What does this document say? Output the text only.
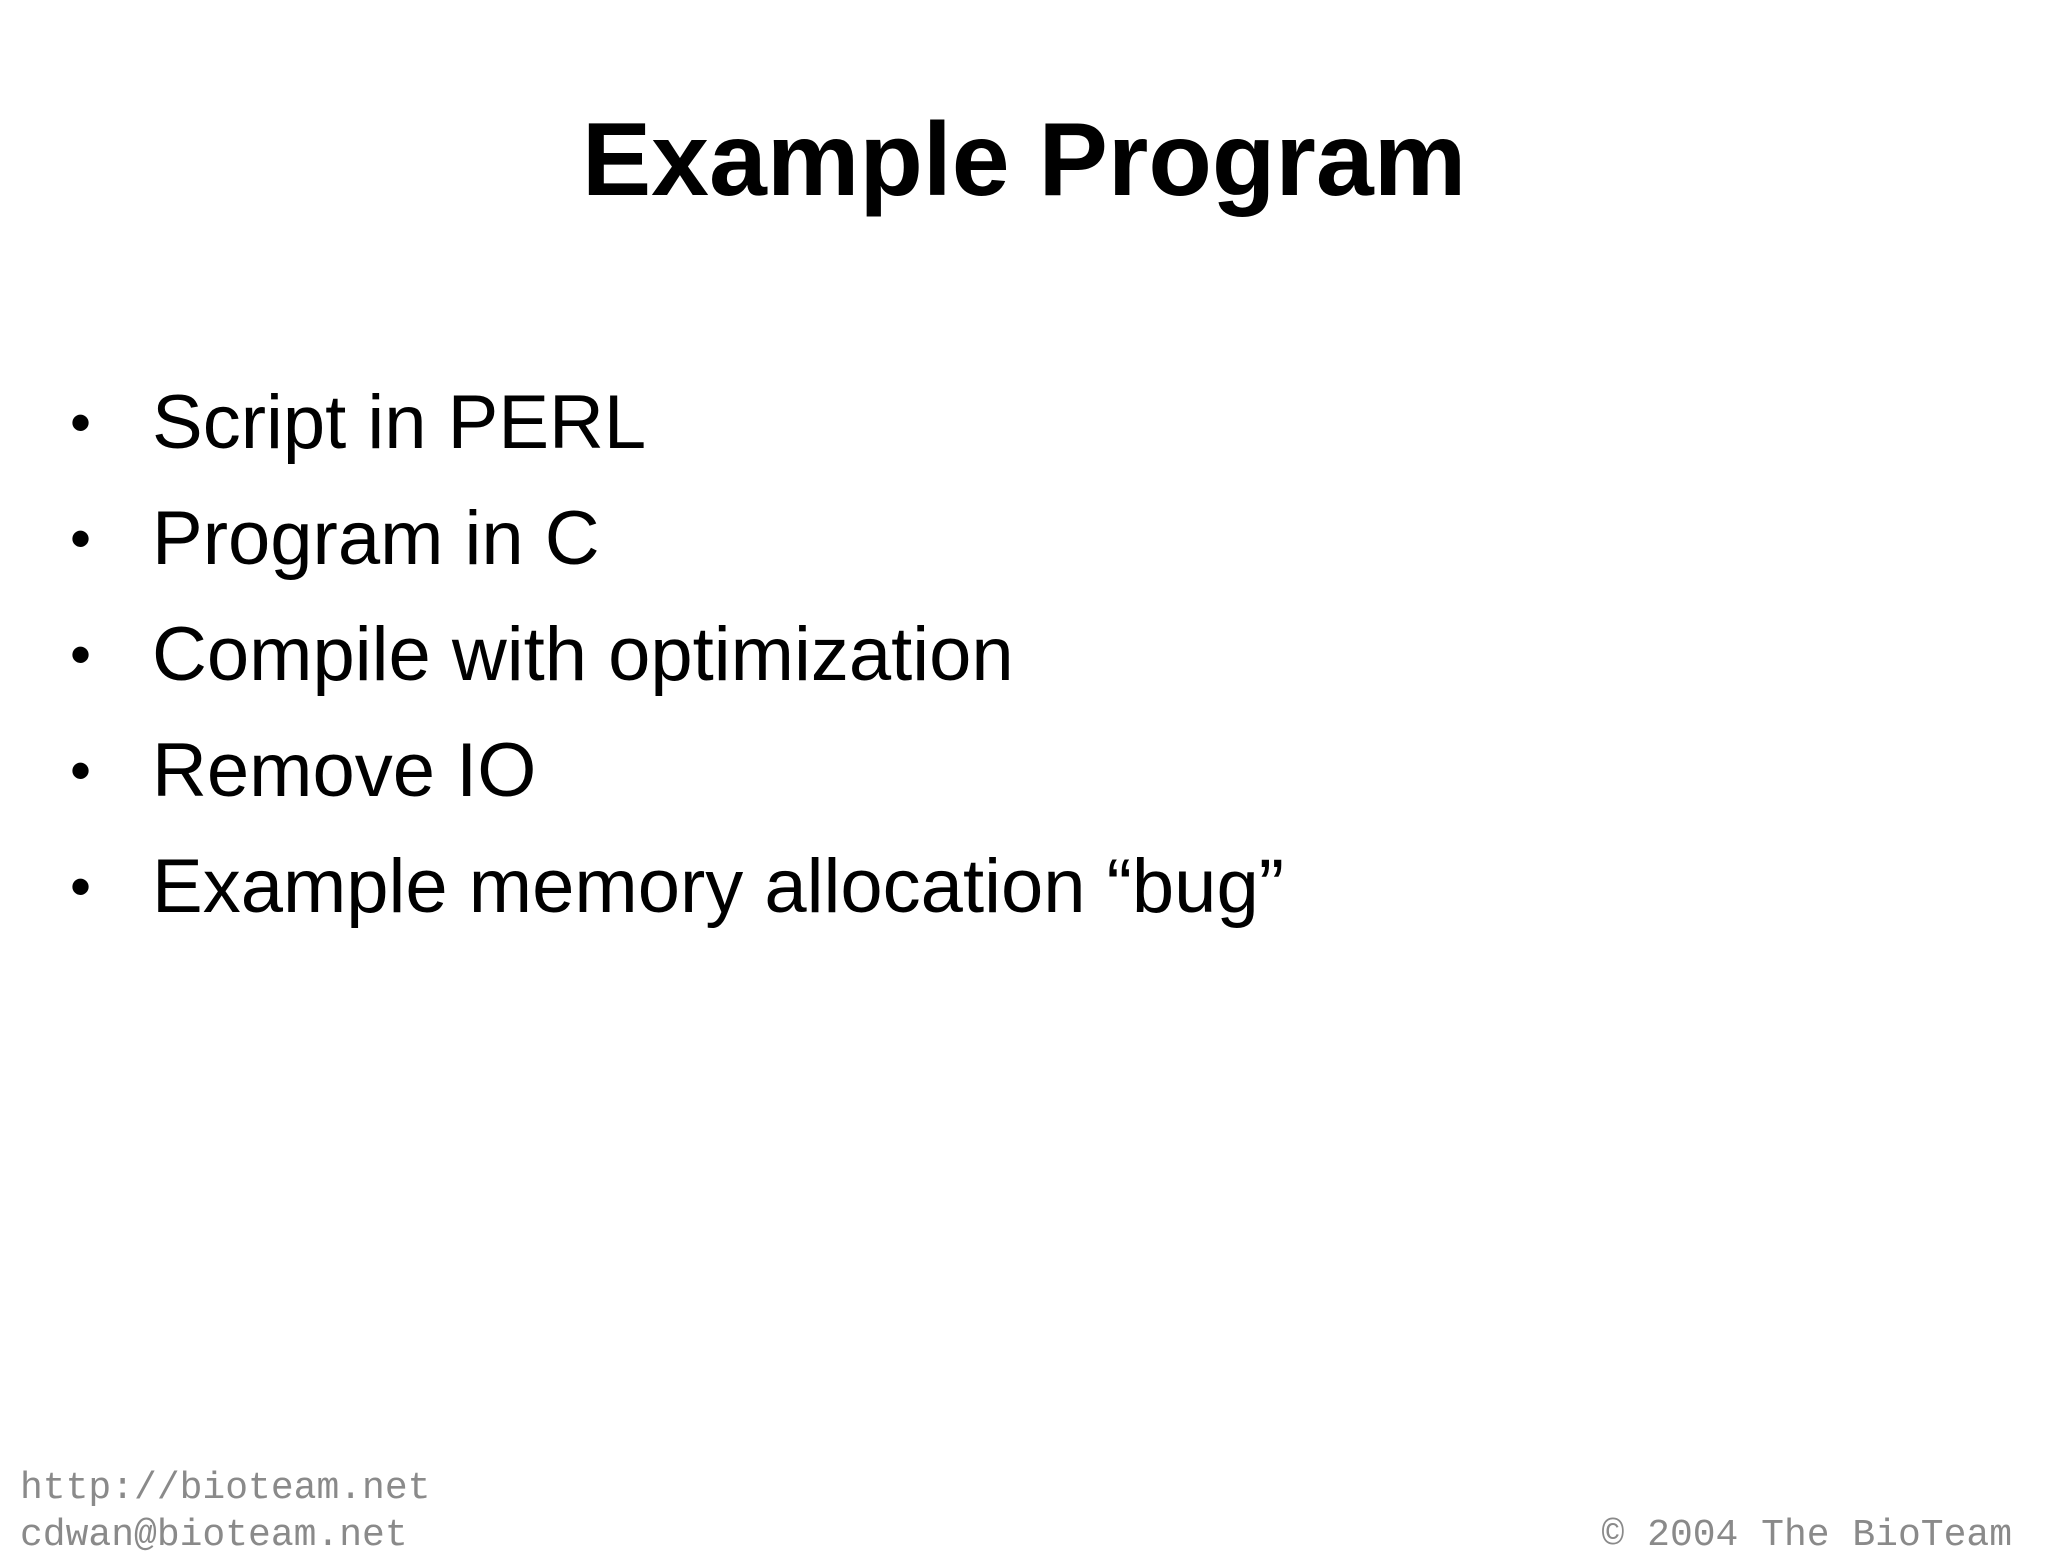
Example Program
• Script in PERL
• Program in C
• Compile with optimization
• Remove IO
• Example memory allocation “bug”
http://bioteam.net
cdwan@bioteam.net	© 2004 The BioTeam
